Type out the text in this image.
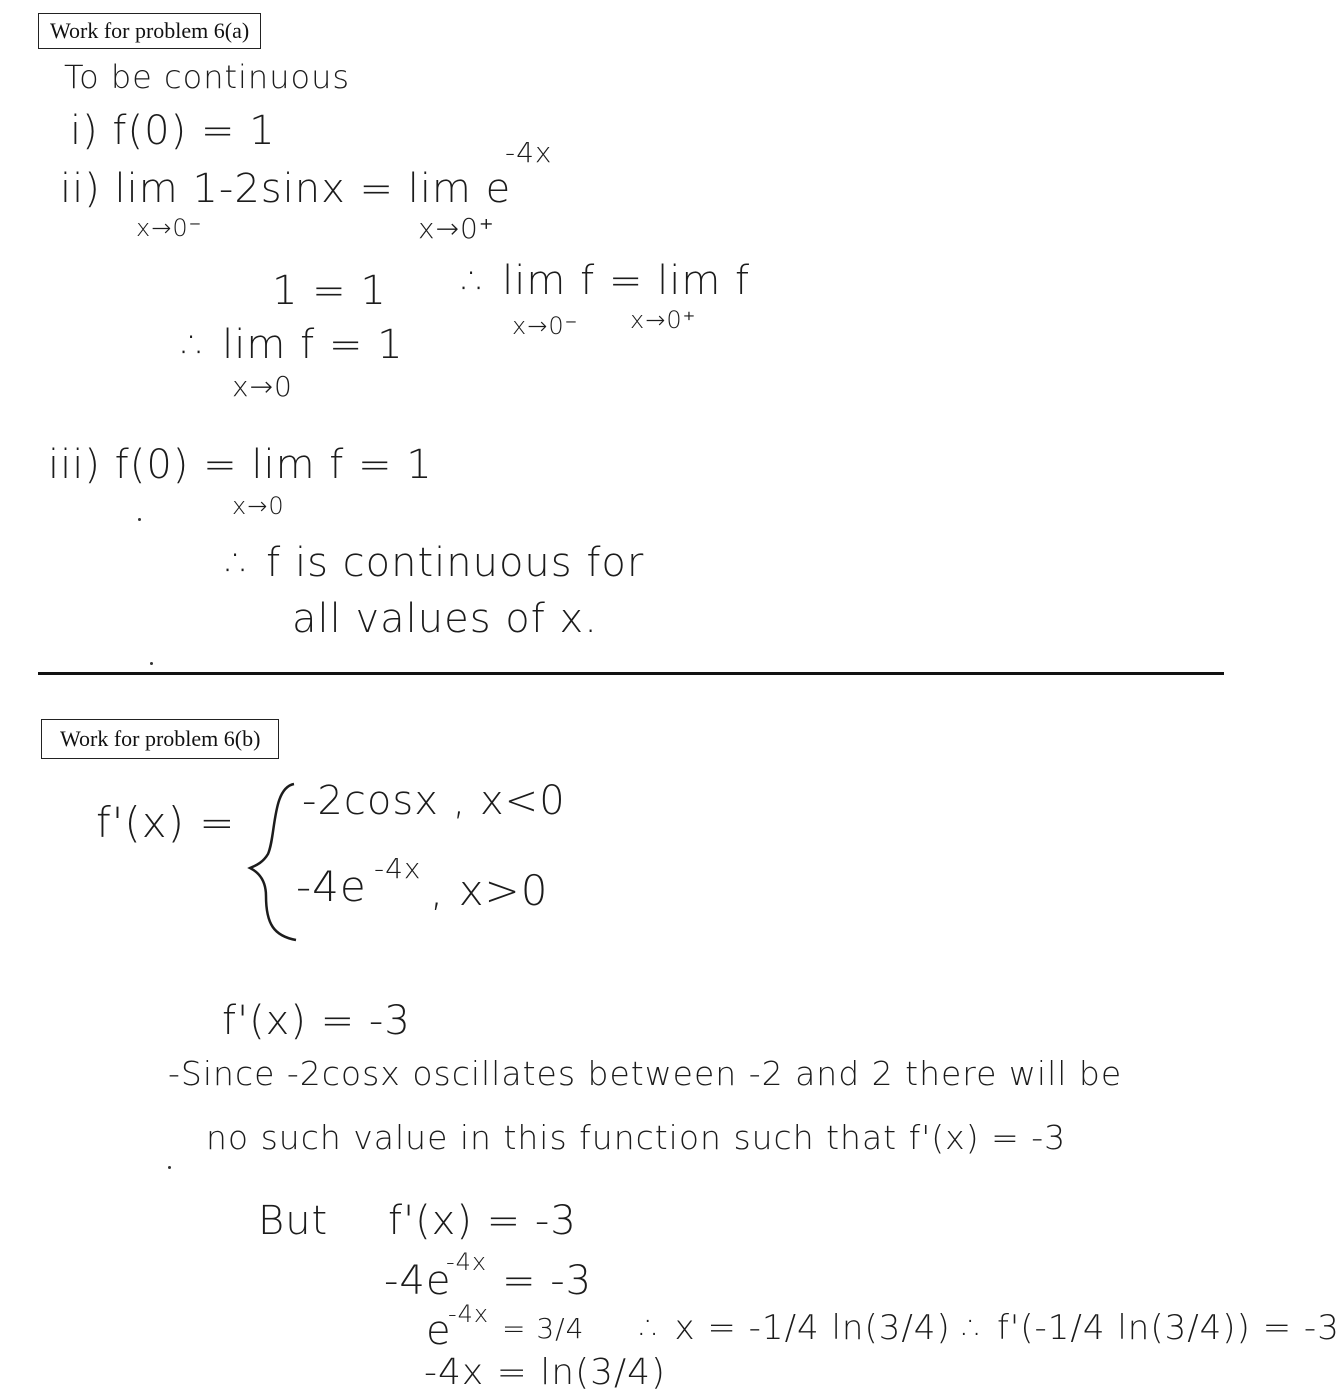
Work for problem 6(a)
To be continuous
i) f(0) = 1
ii) lim 1-2sinx = lim e
-4x
x→0⁻	x→0⁺
1 = 1 ∴ lim f = lim f
x→0⁻ x→0⁺
∴ lim f = 1
x→0
iii) f(0) = lim f = 1
x→0
∴ f is continuous for
all values of x.
Work for problem 6(b)
f'(x) = -2cosx , x<0
-4e -4x , x>0
f'(x) = -3
-Since -2cosx oscillates between -2 and 2 there will be
no such value in this function such that f'(x) = -3
But f'(x) = -3
-4e
-4x = -3
e
-4x = 3/4
-4x = ln(3/4)
∴ x = -1/4 ln(3/4) ∴ f'(-1/4 ln(3/4)) = -3
